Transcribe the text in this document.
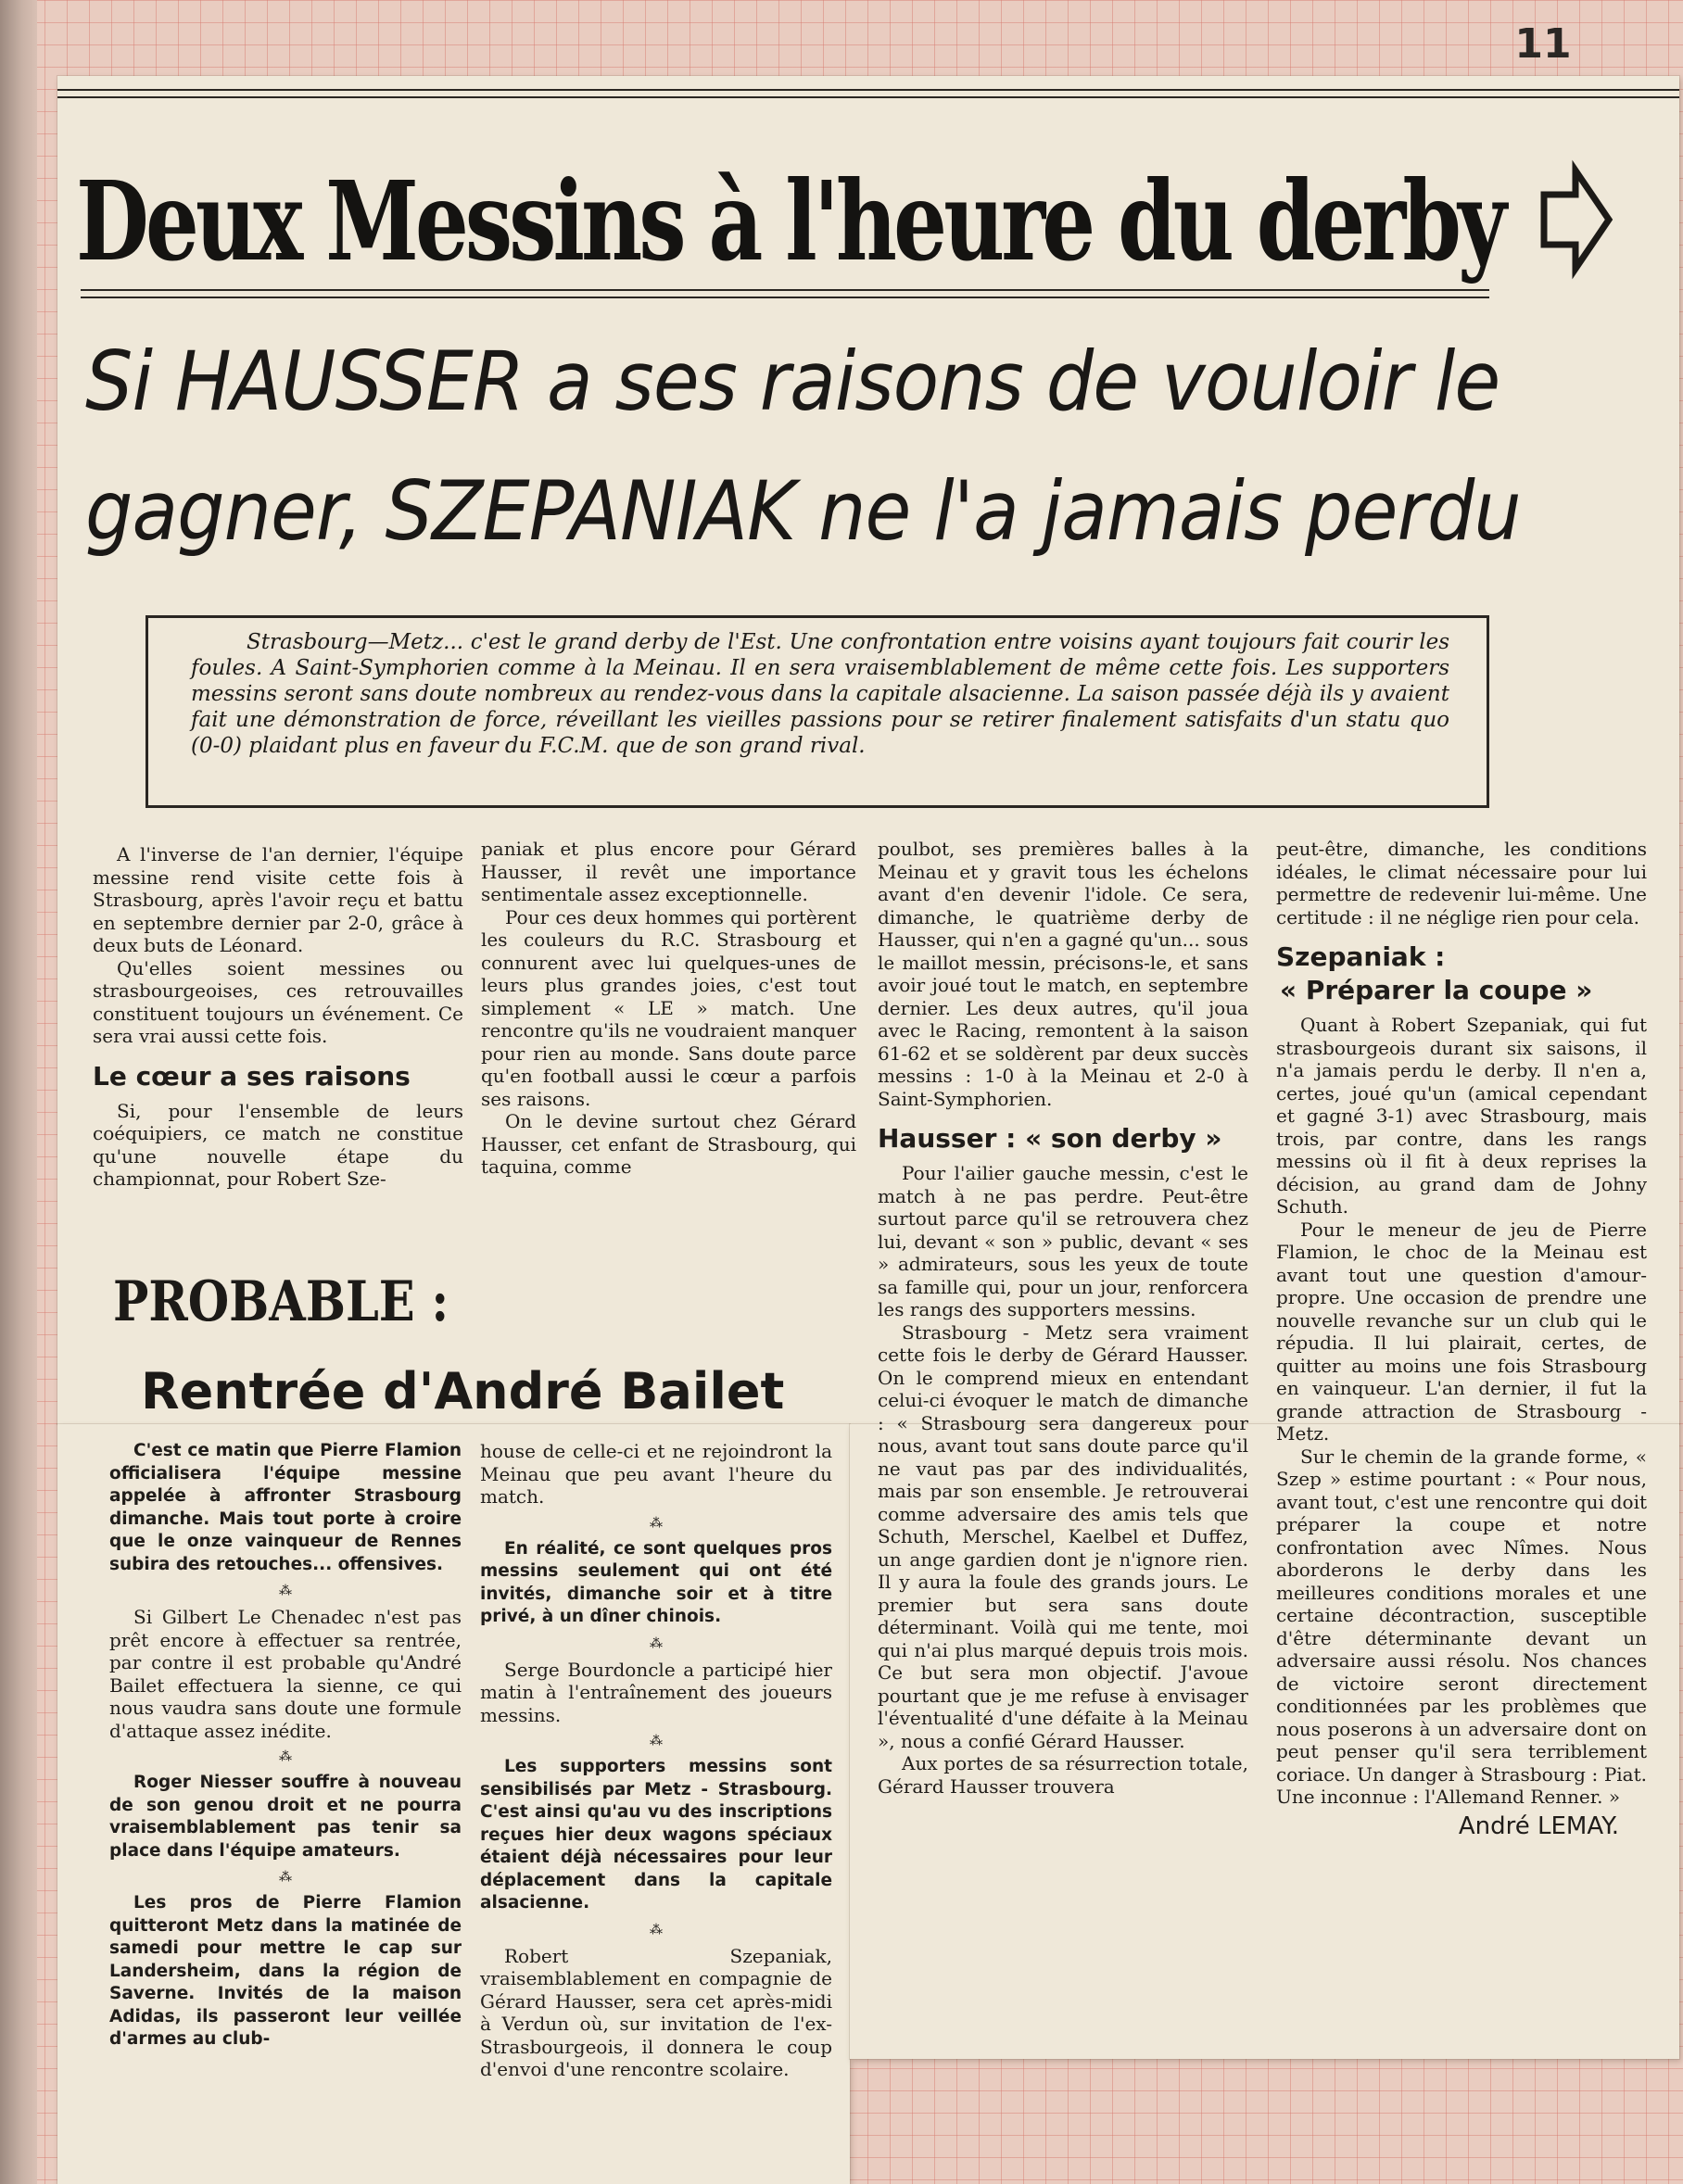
11
Deux Messins à l'heure du derby
Si HAUSSER a ses raisons de vouloir le
gagner, SZEPANIAK ne l'a jamais perdu
Strasbourg—Metz... c'est le grand derby de l'Est. Une confrontation entre voisins ayant toujours fait courir les foules. A Saint-Symphorien comme à la Meinau. Il en sera vraisemblablement de même cette fois. Les supporters messins seront sans doute nombreux au rendez-vous dans la capitale alsacienne. La saison passée déjà ils y avaient fait une démonstration de force, réveillant les vieilles passions pour se retirer finalement satisfaits d'un statu quo (0-0) plaidant plus en faveur du F.C.M. que de son grand rival.

A l'inverse de l'an dernier, l'équipe messine rend visite cette fois à Strasbourg, après l'avoir reçu et battu en septembre dernier par 2-0, grâce à deux buts de Léonard.

Qu'elles soient messines ou strasbourgeoises, ces retrouvailles constituent toujours un événement. Ce sera vrai aussi cette fois.

Le cœur a ses raisons

Si, pour l'ensemble de leurs coéquipiers, ce match ne constitue qu'une nouvelle étape du championnat, pour Robert Sze-

paniak et plus encore pour Gérard Hausser, il revêt une importance sentimentale assez exceptionnelle.

Pour ces deux hommes qui portèrent les couleurs du R.C. Strasbourg et connurent avec lui quelques-unes de leurs plus grandes joies, c'est tout simplement « LE » match. Une rencontre qu'ils ne voudraient manquer pour rien au monde. Sans doute parce qu'en football aussi le cœur a parfois ses raisons.

On le devine surtout chez Gérard Hausser, cet enfant de Strasbourg, qui taquina, comme

poulbot, ses premières balles à la Meinau et y gravit tous les échelons avant d'en devenir l'idole. Ce sera, dimanche, le quatrième derby de Hausser, qui n'en a gagné qu'un... sous le maillot messin, précisons-le, et sans avoir joué tout le match, en septembre dernier. Les deux autres, qu'il joua avec le Racing, remontent à la saison 61-62 et se soldèrent par deux succès messins : 1-0 à la Meinau et 2-0 à Saint-Symphorien.

Hausser : « son derby »

Pour l'ailier gauche messin, c'est le match à ne pas perdre. Peut-être surtout parce qu'il se retrouvera chez lui, devant « son » public, devant « ses » admirateurs, sous les yeux de toute sa famille qui, pour un jour, renforcera les rangs des supporters messins.

Strasbourg - Metz sera vraiment cette fois le derby de Gérard Hausser. On le comprend mieux en entendant celui-ci évoquer le match de dimanche : « Strasbourg sera dangereux pour nous, avant tout sans doute parce qu'il ne vaut pas par des individualités, mais par son ensemble. Je retrouverai comme adversaire des amis tels que Schuth, Merschel, Kaelbel et Duffez, un ange gardien dont je n'ignore rien. Il y aura la foule des grands jours. Le premier but sera sans doute déterminant. Voilà qui me tente, moi qui n'ai plus marqué depuis trois mois. Ce but sera mon objectif. J'avoue pourtant que je me refuse à envisager l'éventualité d'une défaite à la Meinau », nous a confié Gérard Hausser.

Aux portes de sa résurrection totale, Gérard Hausser trouvera

peut-être, dimanche, les conditions idéales, le climat nécessaire pour lui permettre de redevenir lui-même. Une certitude : il ne néglige rien pour cela.

Szepaniak :
« Préparer la coupe »

Quant à Robert Szepaniak, qui fut strasbourgeois durant six saisons, il n'a jamais perdu le derby. Il n'en a, certes, joué qu'un (amical cependant et gagné 3-1) avec Strasbourg, mais trois, par contre, dans les rangs messins où il fit à deux reprises la décision, au grand dam de Johny Schuth.

Pour le meneur de jeu de Pierre Flamion, le choc de la Meinau est avant tout une question d'amour-propre. Une occasion de prendre une nouvelle revanche sur un club qui le répudia. Il lui plairait, certes, de quitter au moins une fois Strasbourg en vainqueur. L'an dernier, il fut la grande attraction de Strasbourg - Metz.

Sur le chemin de la grande forme, « Szep » estime pourtant : « Pour nous, avant tout, c'est une rencontre qui doit préparer la coupe et notre confrontation avec Nîmes. Nous aborderons le derby dans les meilleures conditions morales et une certaine décontraction, susceptible d'être déterminante devant un adversaire aussi résolu. Nos chances de victoire seront directement conditionnées par les problèmes que nous poserons à un adversaire dont on peut penser qu'il sera terriblement coriace. Un danger à Strasbourg : Piat. Une inconnue : l'Allemand Renner. »

André LEMAY.
PROBABLE :
Rentrée d'André Bailet

C'est ce matin que Pierre Flamion officialisera l'équipe messine appelée à affronter Strasbourg dimanche. Mais tout porte à croire que le onze vainqueur de Rennes subira des retouches... offensives.

⁂

Si Gilbert Le Chenadec n'est pas prêt encore à effectuer sa rentrée, par contre il est probable qu'André Bailet effectuera la sienne, ce qui nous vaudra sans doute une formule d'attaque assez inédite.

⁂

Roger Niesser souffre à nouveau de son genou droit et ne pourra vraisemblablement pas tenir sa place dans l'équipe amateurs.

⁂

Les pros de Pierre Flamion quitteront Metz dans la matinée de samedi pour mettre le cap sur Landersheim, dans la région de Saverne. Invités de la maison Adidas, ils passeront leur veillée d'armes au club-

house de celle-ci et ne rejoindront la Meinau que peu avant l'heure du match.

⁂

En réalité, ce sont quelques pros messins seulement qui ont été invités, dimanche soir et à titre privé, à un dîner chinois.

⁂

Serge Bourdoncle a participé hier matin à l'entraînement des joueurs messins.

⁂

Les supporters messins sont sensibilisés par Metz - Strasbourg. C'est ainsi qu'au vu des inscriptions reçues hier deux wagons spéciaux étaient déjà nécessaires pour leur déplacement dans la capitale alsacienne.

⁂

Robert Szepaniak, vraisemblablement en compagnie de Gérard Hausser, sera cet après-midi à Verdun où, sur invitation de l'ex-Strasbourgeois, il donnera le coup d'envoi d'une rencontre scolaire.
